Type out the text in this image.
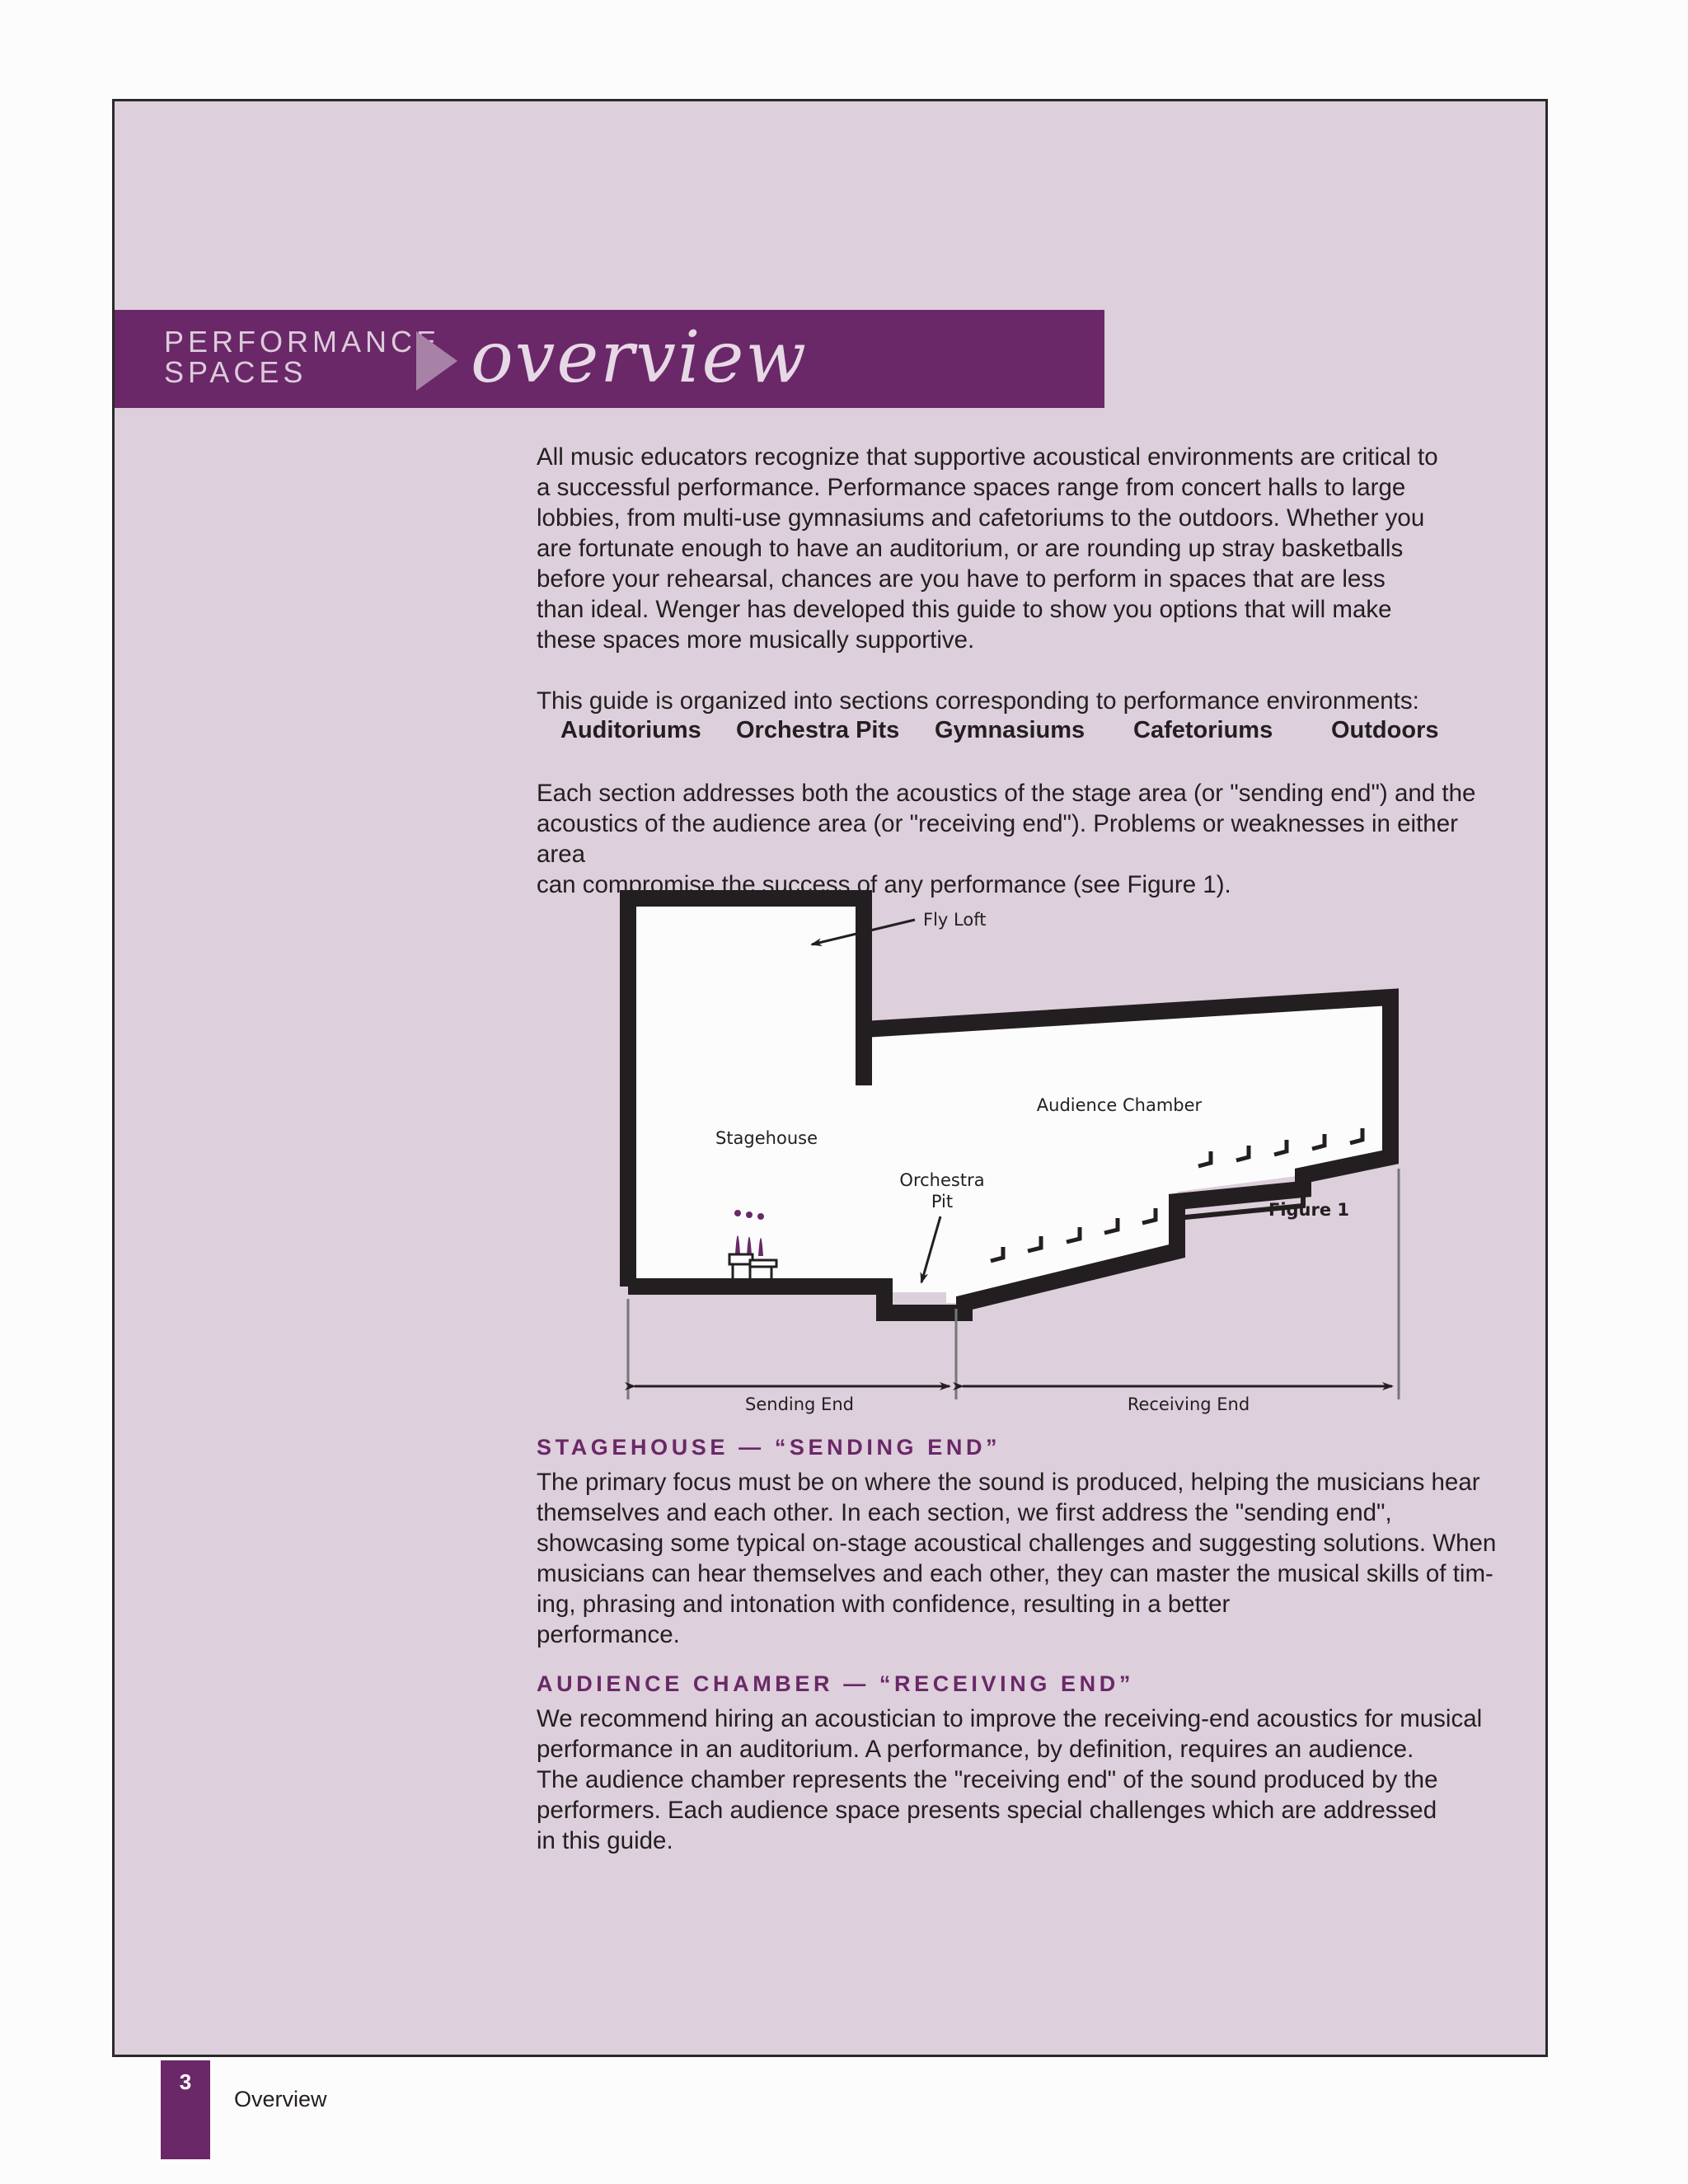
PERFORMANCE
SPACES	overview

All music educators recognize that supportive acoustical environments are critical to

a successful performance. Performance spaces range from concert halls to large

lobbies, from multi-use gymnasiums and cafetoriums to the outdoors. Whether you

are fortunate enough to have an auditorium, or are rounding up stray basketballs

before your rehearsal, chances are you have to perform in spaces that are less

than ideal. Wenger has developed this guide to show you options that will make

these spaces more musically supportive.

This guide is organized into sections corresponding to performance environments:

Auditoriums Orchestra Pits Gymnasiums Cafetoriums Outdoors

Each section addresses both the acoustics of the stage area (or "sending end") and the

acoustics of the audience area (or "receiving end"). Problems or weaknesses in either area

can compromise the success of any performance (see Figure 1).

Fly Loft
Audience Chamber
Stagehouse
Orchestra
Pit	Figure 1
Sending End	Receiving End

STAGEHOUSE — “SENDING END”

The primary focus must be on where the sound is produced, helping the musicians hear

themselves and each other. In each section, we first address the "sending end",

showcasing some typical on-stage acoustical challenges and suggesting solutions. When

musicians can hear themselves and each other, they can master the musical skills of tim-

ing, phrasing and intonation with confidence, resulting in a better

performance.

AUDIENCE CHAMBER — “RECEIVING END”

We recommend hiring an acoustician to improve the receiving-end acoustics for musical

performance in an auditorium. A performance, by definition, requires an audience.

The audience chamber represents the "receiving end" of the sound produced by the

performers. Each audience space presents special challenges which are addressed

in this guide.

3
Overview
